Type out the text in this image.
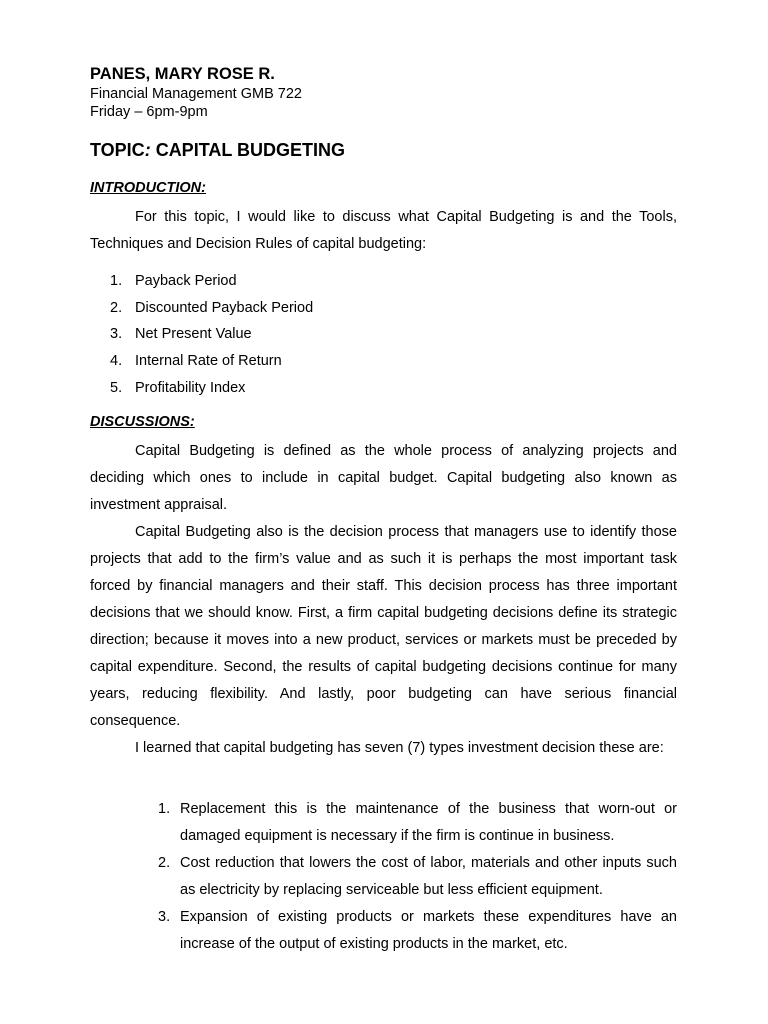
PANES, MARY ROSE R.
Financial Management GMB 722
Friday – 6pm-9pm
TOPIC: CAPITAL BUDGETING
INTRODUCTION:

For this topic, I would like to discuss what Capital Budgeting is and the Tools, Techniques and Decision Rules of capital budgeting:

1. Payback Period
2. Discounted Payback Period
3. Net Present Value
4. Internal Rate of Return
5. Profitability Index
DISCUSSIONS:

Capital Budgeting is defined as the whole process of analyzing projects and deciding which ones to include in capital budget. Capital budgeting also known as investment appraisal.

Capital Budgeting also is the decision process that managers use to identify those projects that add to the firm’s value and as such it is perhaps the most important task forced by financial managers and their staff. This decision process has three important decisions that we should know. First, a firm capital budgeting decisions define its strategic direction; because it moves into a new product, services or markets must be preceded by capital expenditure. Second, the results of capital budgeting decisions continue for many years, reducing flexibility. And lastly, poor budgeting can have serious financial consequence.

I learned that capital budgeting has seven (7) types investment decision these are:

1. Replacement this is the maintenance of the business that worn-out or damaged equipment is necessary if the firm is continue in business.
2. Cost reduction that lowers the cost of labor, materials and other inputs such as electricity by replacing serviceable but less efficient equipment.
3. Expansion of existing products or markets these expenditures have an increase of the output of existing products in the market, etc.
